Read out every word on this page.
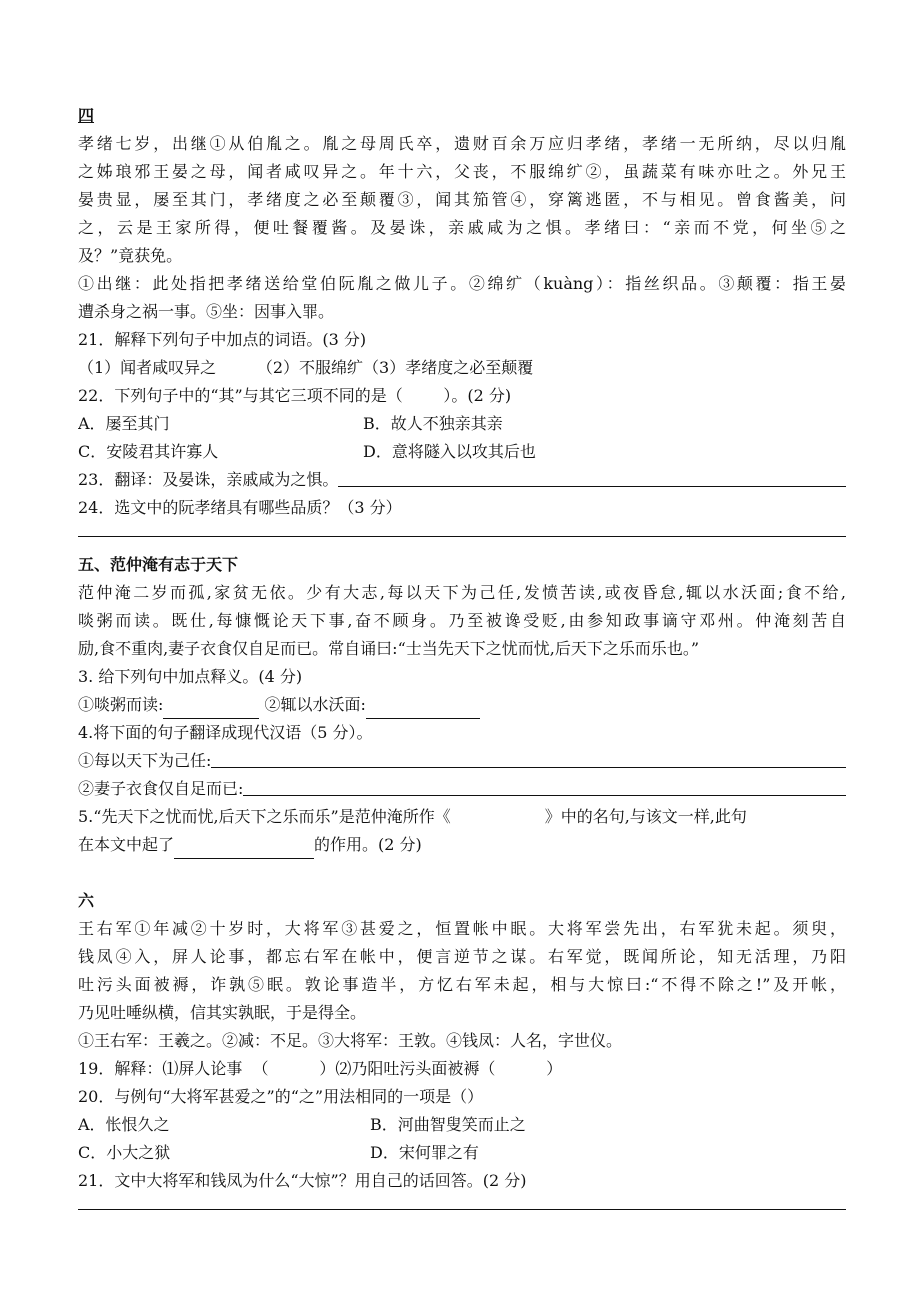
四
孝绪七岁，出继①从伯胤之。胤之母周氏卒，遗财百余万应归孝绪，孝绪一无所纳，尽以归胤
之姊琅邪王晏之母，闻者咸叹异之。年十六，父丧，不服绵纩②，虽蔬菜有味亦吐之。外兄王
晏贵显，屡至其门，孝绪度之必至颠覆③，闻其笳管④，穿篱逃匿，不与相见。曾食酱美，问
之，云是王家所得，便吐餐覆酱。及晏诛，亲戚咸为之惧。孝绪曰：“亲而不党，何坐⑤之
及？”竟获免。
①出继：此处指把孝绪送给堂伯阮胤之做儿子。②绵纩（kuàng）：指丝织品。③颠覆：指王晏
遭杀身之祸一事。⑤坐：因事入罪。
21．解释下列句子中加点的词语。(3 分)
（1）闻者咸叹异之        （2）不服绵纩（3）孝绪度之必至颠覆
22．下列句子中的“其”与其它三项不同的是（        ）。(2 分)
A．屡至其门	B．故人不独亲其亲
C．安陵君其许寡人	D．意将隧入以攻其后也
23．翻译：及晏诛，亲戚咸为之惧。
24．选文中的阮孝绪具有哪些品质？（3 分）
五、范仲淹有志于天下
范仲淹二岁而孤,家贫无依。少有大志,每以天下为己任,发愤苦读,或夜昏怠,辄以水沃面;食不给,
啖粥而读。既仕,每慷慨论天下事,奋不顾身。乃至被谗受贬,由参知政事谪守邓州。仲淹刻苦自
励,食不重肉,妻子衣食仅自足而已。常自诵曰:“士当先天下之忧而忧,后天下之乐而乐也。”
3. 给下列句中加点释义。(4 分)
①啖粥而读:	②辄以水沃面:
4.将下面的句子翻译成现代汉语（5 分）。
①每以天下为己任:
②妻子衣食仅自足而已:
5.“先天下之忧而忧,后天下之乐而乐”是范仲淹所作《	》中的名句,与该文一样,此句
在本文中起了	的作用。(2 分)
六
王右军①年减②十岁时，大将军③甚爱之，恒置帐中眠。大将军尝先出，右军犹未起。须臾，
钱凤④入，屏人论事，都忘右军在帐中，便言逆节之谋。右军觉，既闻所论，知无活理，乃阳
吐污头面被褥，诈孰⑤眠。敦论事造半，方忆右军未起，相与大惊曰:“不得不除之!”及开帐，
乃见吐唾纵横，信其实孰眠，于是得全。
①王右军：王羲之。②减：不足。③大将军：王敦。④钱凤：人名，字世仪。
19．解释：⑴屏人论事  （          ）⑵乃阳吐污头面被褥（          ）
20．与例句“大将军甚爱之”的“之”用法相同的一项是（）
A．怅恨久之	B．河曲智叟笑而止之
C．小大之狱	D．宋何罪之有
21．文中大将军和钱凤为什么“大惊”？用自己的话回答。(2 分)
